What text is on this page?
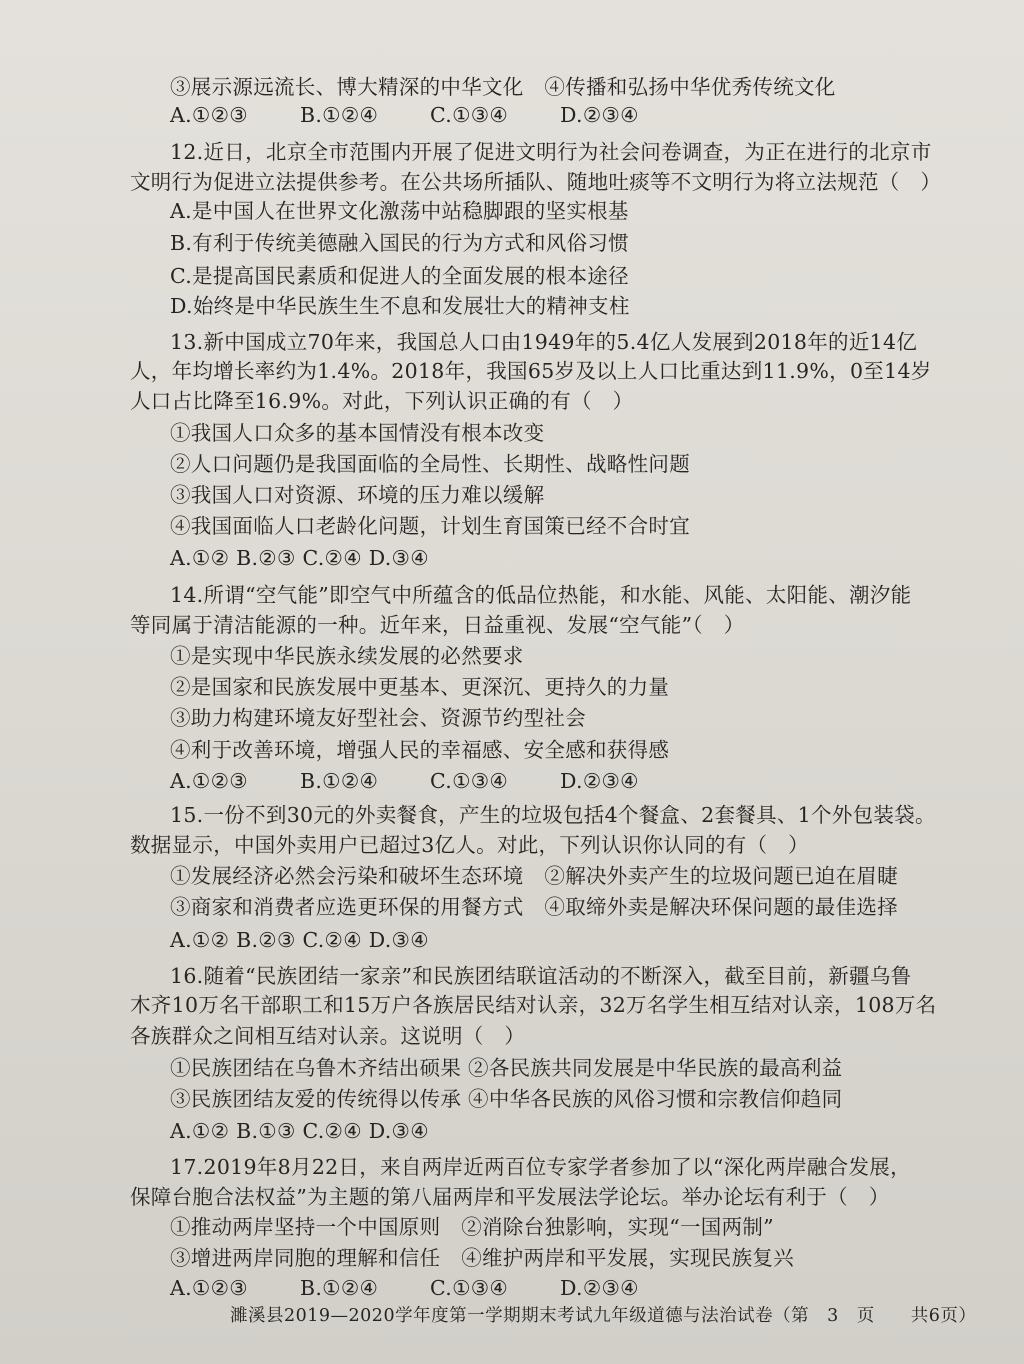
③展示源远流长、博大精深的中华文化　④传播和弘扬中华优秀传统文化
A.①②③	B.①②④	C.①③④	D.②③④
12.近日，北京全市范围内开展了促进文明行为社会问卷调查，为正在进行的北京市
文明行为促进立法提供参考。在公共场所插队、随地吐痰等不文明行为将立法规范（　）
A.是中国人在世界文化激荡中站稳脚跟的坚实根基
B.有利于传统美德融入国民的行为方式和风俗习惯
C.是提高国民素质和促进人的全面发展的根本途径
D.始终是中华民族生生不息和发展壮大的精神支柱
13.新中国成立70年来，我国总人口由1949年的5.4亿人发展到2018年的近14亿
人，年均增长率约为1.4%。2018年，我国65岁及以上人口比重达到11.9%，0至14岁
人口占比降至16.9%。对此，下列认识正确的有（　）
①我国人口众多的基本国情没有根本改变
②人口问题仍是我国面临的全局性、长期性、战略性问题
③我国人口对资源、环境的压力难以缓解
④我国面临人口老龄化问题，计划生育国策已经不合时宜
A.①② B.②③ C.②④ D.③④
14.所谓“空气能”即空气中所蕴含的低品位热能，和水能、风能、太阳能、潮汐能
等同属于清洁能源的一种。近年来，日益重视、发展“空气能”（　）
①是实现中华民族永续发展的必然要求
②是国家和民族发展中更基本、更深沉、更持久的力量
③助力构建环境友好型社会、资源节约型社会
④利于改善环境，增强人民的幸福感、安全感和获得感
A.①②③	B.①②④	C.①③④	D.②③④
15.一份不到30元的外卖餐食，产生的垃圾包括4个餐盒、2套餐具、1个外包装袋。
数据显示，中国外卖用户已超过3亿人。对此，下列认识你认同的有（　）
①发展经济必然会污染和破坏生态环境　②解决外卖产生的垃圾问题已迫在眉睫
③商家和消费者应选更环保的用餐方式　④取缔外卖是解决环保问题的最佳选择
A.①② B.②③ C.②④ D.③④
16.随着“民族团结一家亲”和民族团结联谊活动的不断深入，截至目前，新疆乌鲁
木齐10万名干部职工和15万户各族居民结对认亲，32万名学生相互结对认亲，108万名
各族群众之间相互结对认亲。这说明（　）
①民族团结在乌鲁木齐结出硕果 ②各民族共同发展是中华民族的最高利益
③民族团结友爱的传统得以传承 ④中华各民族的风俗习惯和宗教信仰趋同
A.①② B.①③ C.②④ D.③④
17.2019年8月22日，来自两岸近两百位专家学者参加了以“深化两岸融合发展，
保障台胞合法权益”为主题的第八届两岸和平发展法学论坛。举办论坛有利于（　）
①推动两岸坚持一个中国原则　②消除台独影响，实现“一国两制”
③增进两岸同胞的理解和信任　④维护两岸和平发展，实现民族复兴
A.①②③	B.①②④	C.①③④	D.②③④
濉溪县2019—2020学年度第一学期期末考试九年级道德与法治试卷（第　3　页　　共6页）
